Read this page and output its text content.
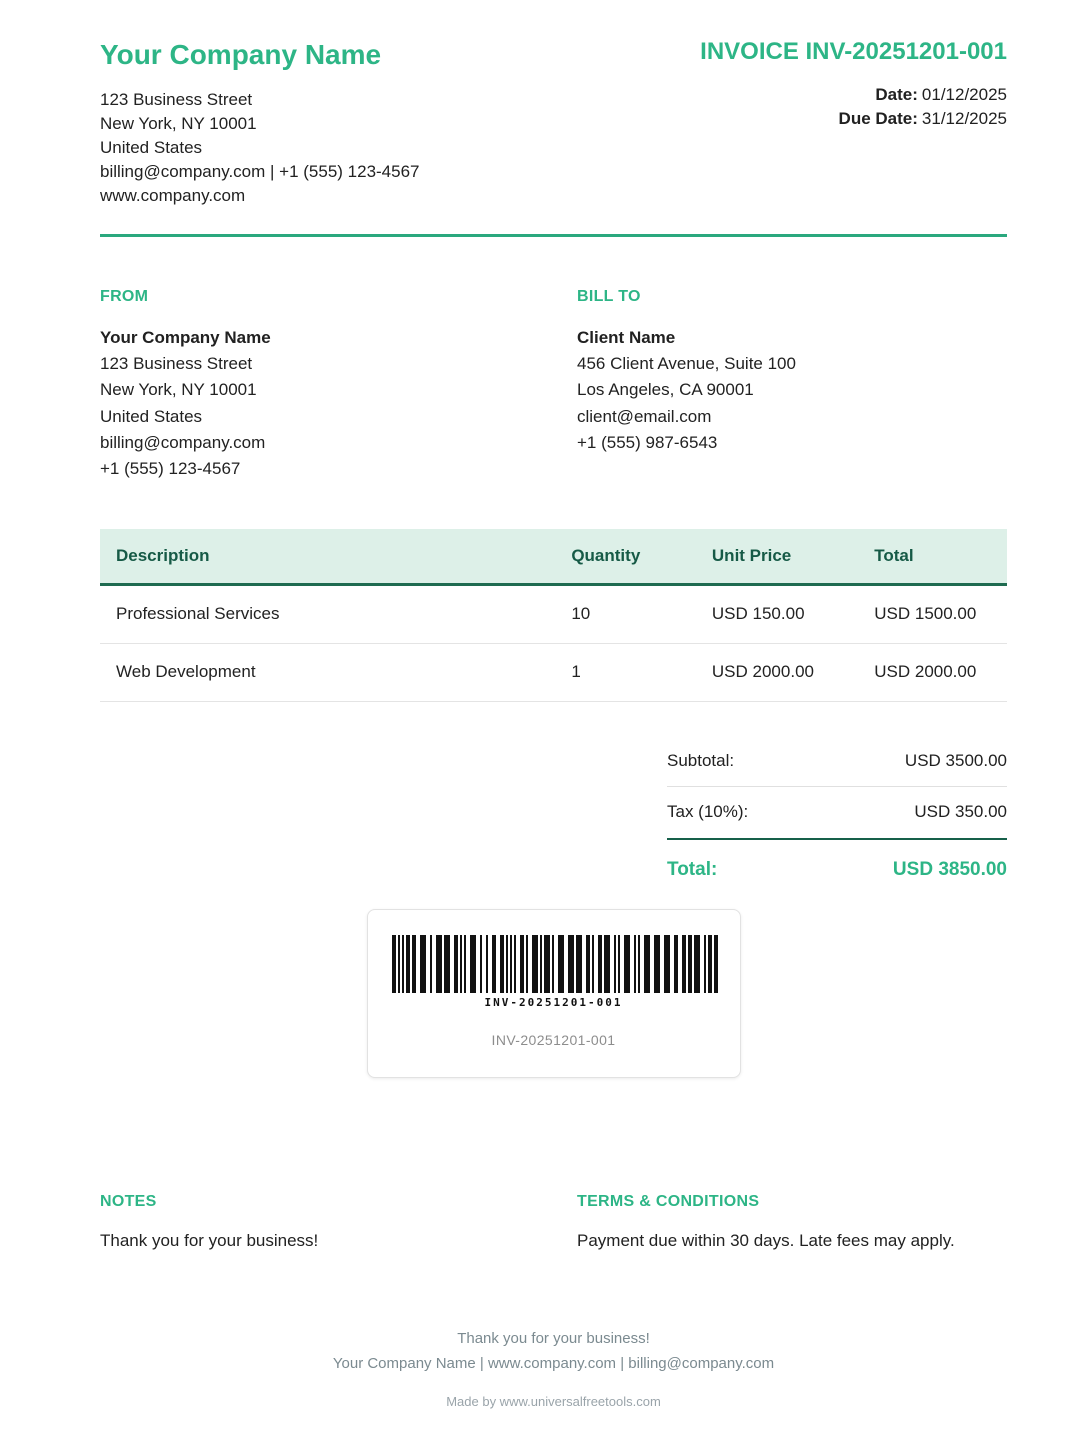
Your Company Name
123 Business Street
New York, NY 10001
United States
billing@company.com | +1 (555) 123-4567
www.company.com
INVOICE INV-20251201-001
Date: 01/12/2025
Due Date: 31/12/2025
FROM
Your Company Name
123 Business Street
New York, NY 10001
United States
billing@company.com
+1 (555) 123-4567
BILL TO
Client Name
456 Client Avenue, Suite 100
Los Angeles, CA 90001
client@email.com
+1 (555) 987-6543
Description	Quantity	Unit Price	Total
Professional Services	10	USD 150.00	USD 1500.00
Web Development	1	USD 2000.00	USD 2000.00
Subtotal:	USD 3500.00
Tax (10%):	USD 350.00
Total:	USD 3850.00
INV-20251201-001
INV-20251201-001
NOTES
Thank you for your business!
TERMS & CONDITIONS
Payment due within 30 days. Late fees may apply.
Thank you for your business!
Your Company Name | www.company.com | billing@company.com
Made by www.universalfreetools.com
